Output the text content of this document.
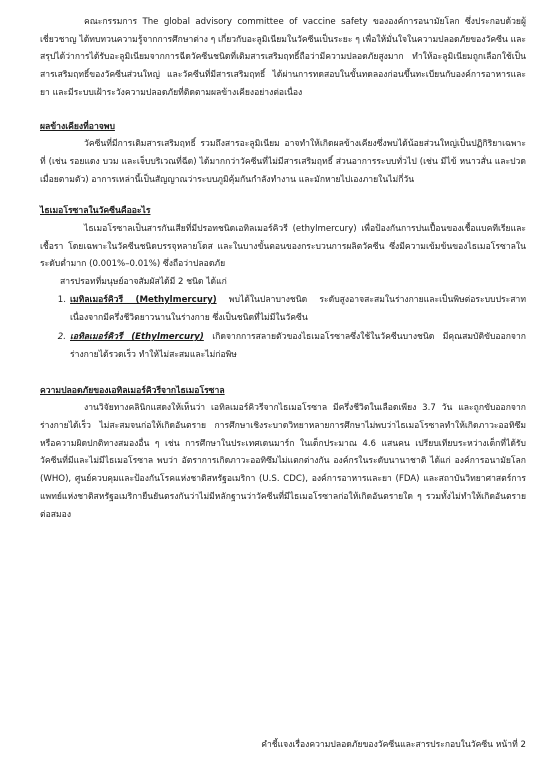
คณะกรรมการ The global advisory committee of vaccine safety ขององค์การอนามัยโลก ซึ่งประกอบด้วยผู้เชี่ยวชาญ ได้ทบทวนความรู้จากการศึกษาต่าง ๆ เกี่ยวกับอะลูมิเนียมในวัคซีนเป็นระยะ ๆ เพื่อให้มั่นใจในความปลอดภัยของวัคซีน และสรุปได้ว่าการได้รับอะลูมิเนียมจากการฉีดวัคซีนชนิดที่เติมสารเสริมฤทธิ์ถือว่ามีความปลอดภัยสูงมาก ทำให้อะลูมิเนียมถูกเลือกใช้เป็นสารเสริมฤทธิ์ของวัคซีนส่วนใหญ่ และวัคซีนที่มีสารเสริมฤทธิ์ ได้ผ่านการทดสอบในขั้นทดลองก่อนขึ้นทะเบียนกับองค์การอาหารและยา และมีระบบเฝ้าระวังความปลอดภัยที่ติดตามผลข้างเคียงอย่างต่อเนื่อง

ผลข้างเคียงที่อาจพบ

วัคซีนที่มีการเติมสารเสริมฤทธิ์ รวมถึงสารอะลูมิเนียม อาจทำให้เกิดผลข้างเคียงซึ่งพบได้น้อยส่วนใหญ่เป็นปฏิกิริยาเฉพาะที่ (เช่น รอยแดง บวม และเจ็บบริเวณที่ฉีด) ได้มากกว่าวัคซีนที่ไม่มีสารเสริมฤทธิ์ ส่วนอาการระบบทั่วไป (เช่น มีไข้ หนาวสั่น และปวดเมื่อยตามตัว) อาการเหล่านี้เป็นสัญญาณว่าระบบภูมิคุ้มกันกำลังทำงาน และมักหายไปเองภายในไม่กี่วัน

ไธเมอโรซาลในวัคซีนคืออะไร

ไธเมอโรซาลเป็นสารกันเสียที่มีปรอทชนิดเอทิลเมอร์คิวรี (ethylmercury) เพื่อป้องกันการปนเปื้อนของเชื้อแบคทีเรียและเชื้อรา โดยเฉพาะในวัคซีนชนิดบรรจุหลายโดส และในบางขั้นตอนของกระบวนการผลิตวัคซีน ซึ่งมีความเข้มข้นของไธเมอโรซาลในระดับต่ำมาก (0.001%–0.01%) ซึ่งถือว่าปลอดภัย

สารปรอทที่มนุษย์อาจสัมผัสได้มี 2 ชนิด ได้แก่

1. เมทิลเมอร์คิวรี (Methylmercury) พบได้ในปลาบางชนิด ระดับสูงอาจสะสมในร่างกายและเป็นพิษต่อระบบประสาท เนื่องจากมีครึ่งชีวิตยาวนานในร่างกาย ซึ่งเป็นชนิดที่ไม่มีในวัคซีน

2. เอทิลเมอร์คิวรี (Ethylmercury) เกิดจากการสลายตัวของไธเมอโรซาลซึ่งใช้ในวัคซีนบางชนิด มีคุณสมบัติขับออกจากร่างกายได้รวดเร็ว ทำให้ไม่สะสมและไม่ก่อพิษ

ความปลอดภัยของเอทิลเมอร์คิวรีจากไธเมอโรซาล

งานวิจัยทางคลินิกแสดงให้เห็นว่า เอทิลเมอร์คิวรีจากไธเมอโรซาล มีครึ่งชีวิตในเลือดเพียง 3.7 วัน และถูกขับออกจากร่างกายได้เร็ว ไม่สะสมจนก่อให้เกิดอันตราย การศึกษาเชิงระบาดวิทยาหลายการศึกษาไม่พบว่าไธเมอโรซาลทำให้เกิดภาวะออทิซึมหรือความผิดปกติทางสมองอื่น ๆ เช่น การศึกษาในประเทศเดนมาร์ก ในเด็กประมาณ 4.6 แสนคน เปรียบเทียบระหว่างเด็กที่ได้รับวัคซีนที่มีและไม่มีไธเมอโรซาล พบว่า อัตราการเกิดภาวะออทิซึมไม่แตกต่างกัน องค์กรในระดับนานาชาติ ได้แก่ องค์การอนามัยโลก (WHO), ศูนย์ควบคุมและป้องกันโรคแห่งชาติสหรัฐอเมริกา (U.S. CDC), องค์การอาหารและยา (FDA) และสถาบันวิทยาศาสตร์การแพทย์แห่งชาติสหรัฐอเมริกายืนยันตรงกันว่าไม่มีหลักฐานว่าวัคซีนที่มีไธเมอโรซาลก่อให้เกิดอันตรายใด ๆ รวมทั้งไม่ทำให้เกิดอันตรายต่อสมอง

คำชี้แจงเรื่องความปลอดภัยของวัคซีนและสารประกอบในวัคซีน หน้าที่ 2
